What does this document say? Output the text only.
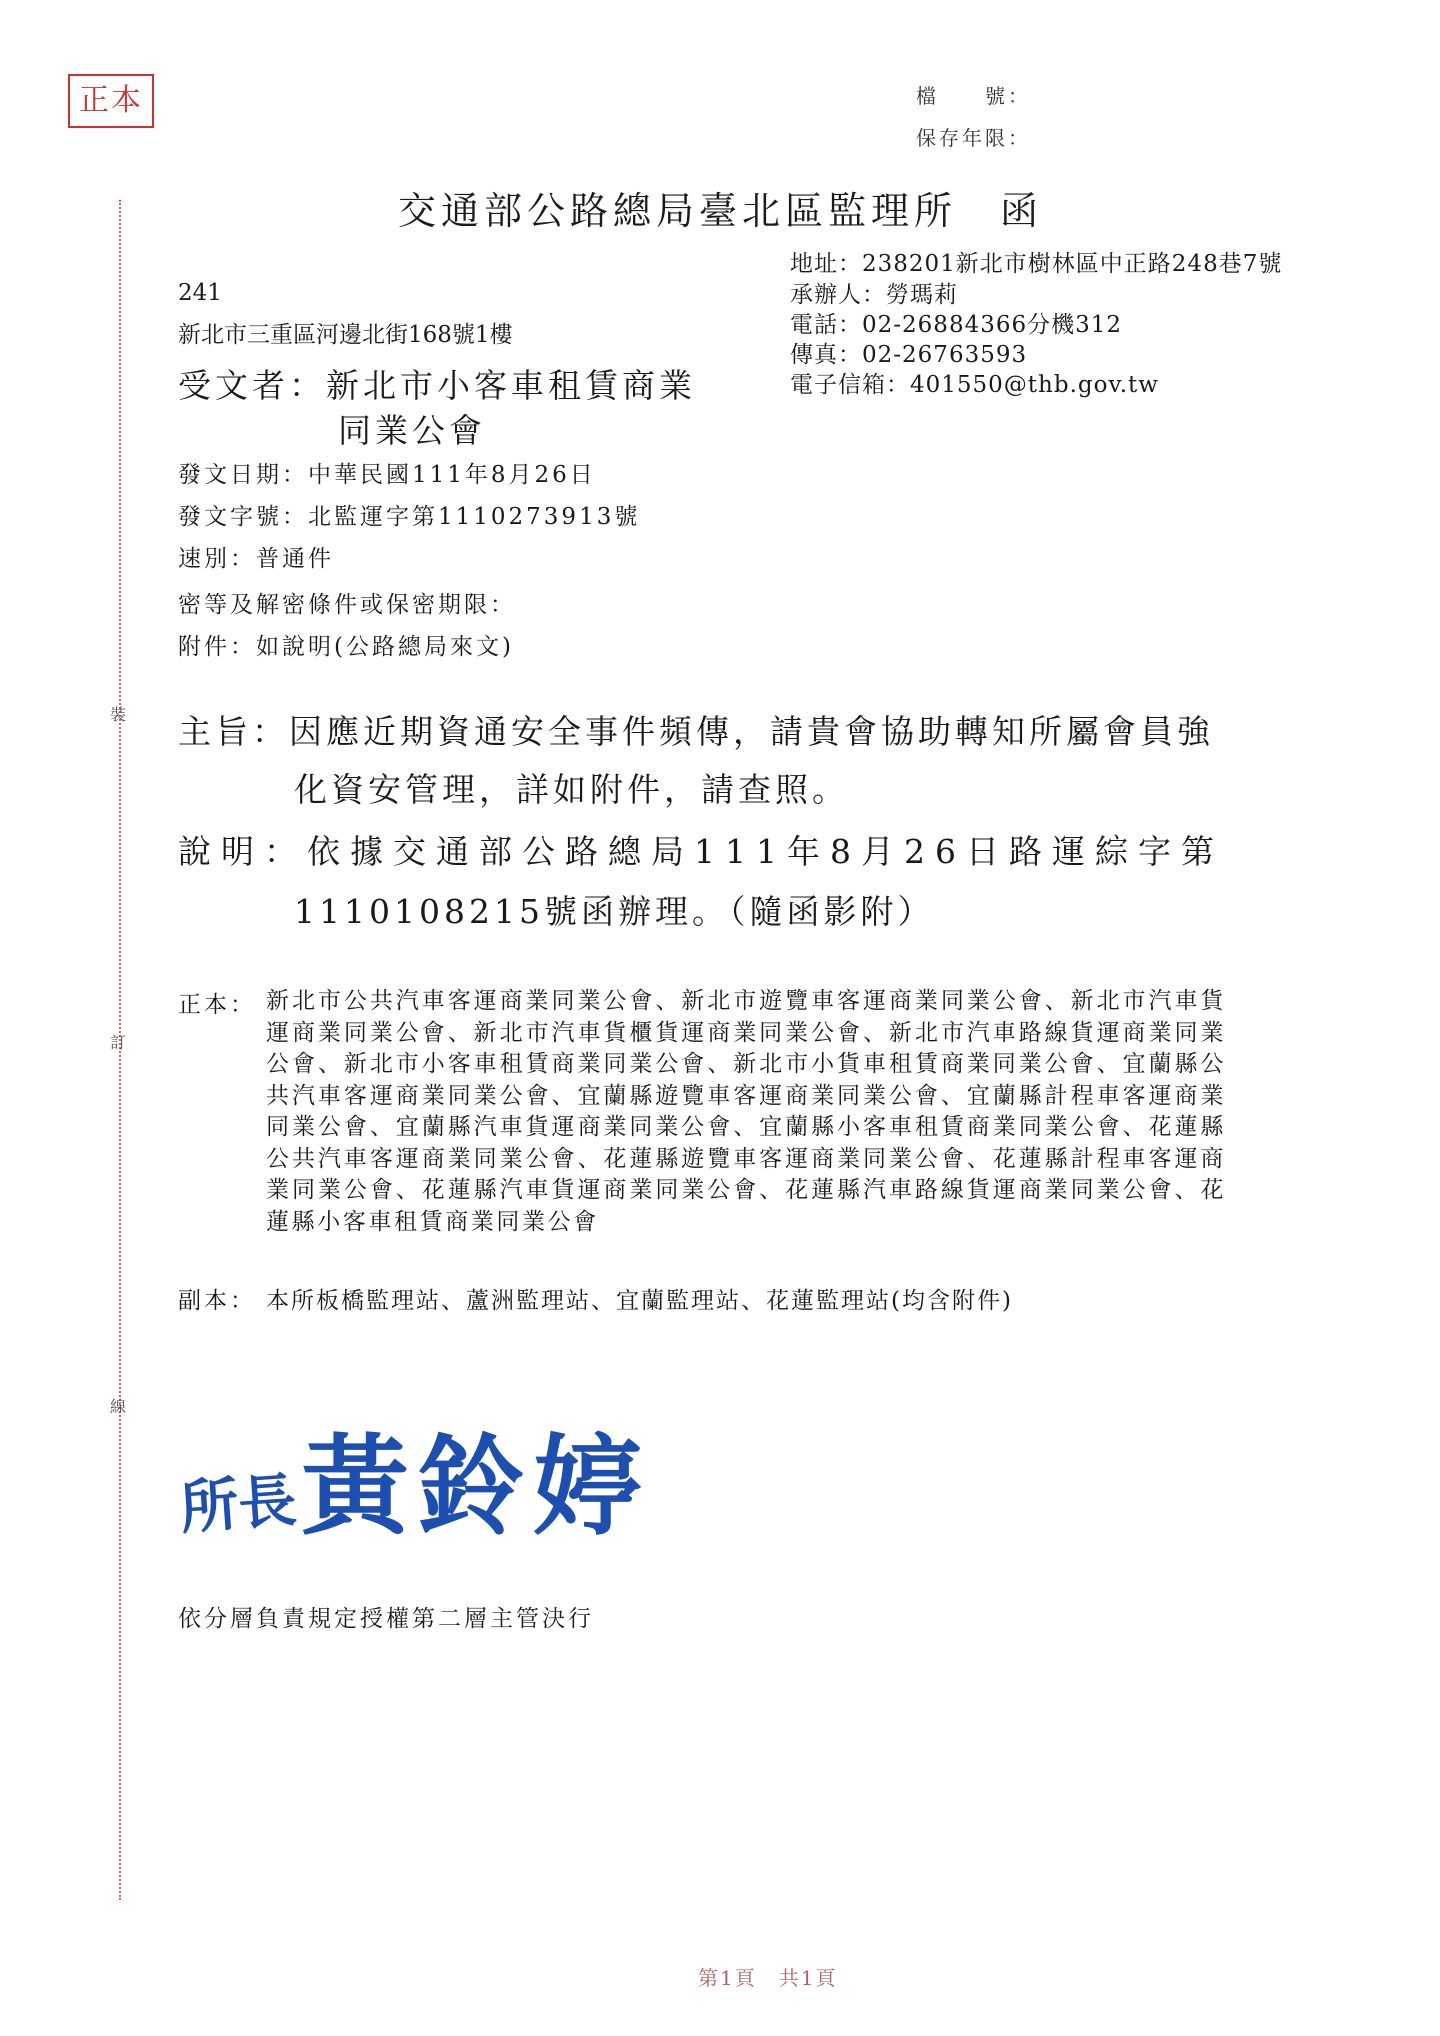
正本
裝
訂
線
檔　　號：
保存年限：
交通部公路總局臺北區監理所　函
地址：238201新北市樹林區中正路248巷7號
承辦人：勞瑪莉
電話：02-26884366分機312
傳真：02-26763593
電子信箱：401550@thb.gov.tw
241
新北市三重區河邊北街168號1樓
受文者：新北市小客車租賃商業
同業公會
發文日期：中華民國111年8月26日
發文字號：北監運字第1110273913號
速別：普通件
密等及解密條件或保密期限：
附件：如說明(公路總局來文)
主旨：因應近期資通安全事件頻傳，請貴會協助轉知所屬會員強
化資安管理，詳如附件，請查照。
說明：依據交通部公路總局111年8月26日路運綜字第
1110108215號函辦理。（隨函影附）
正本： 新北市公共汽車客運商業同業公會、新北市遊覽車客運商業同業公會、新北市汽車貨運商業同業公會、新北市汽車貨櫃貨運商業同業公會、新北市汽車路線貨運商業同業公會、新北市小客車租賃商業同業公會、新北市小貨車租賃商業同業公會、宜蘭縣公共汽車客運商業同業公會、宜蘭縣遊覽車客運商業同業公會、宜蘭縣計程車客運商業同業公會、宜蘭縣汽車貨運商業同業公會、宜蘭縣小客車租賃商業同業公會、花蓮縣公共汽車客運商業同業公會、花蓮縣遊覽車客運商業同業公會、花蓮縣計程車客運商業同業公會、花蓮縣汽車貨運商業同業公會、花蓮縣汽車路線貨運商業同業公會、花蓮縣小客車租賃商業同業公會
副本： 本所板橋監理站、蘆洲監理站、宜蘭監理站、花蓮監理站(均含附件)
所長 黃鈴婷
依分層負責規定授權第二層主管決行
第1頁　共1頁
